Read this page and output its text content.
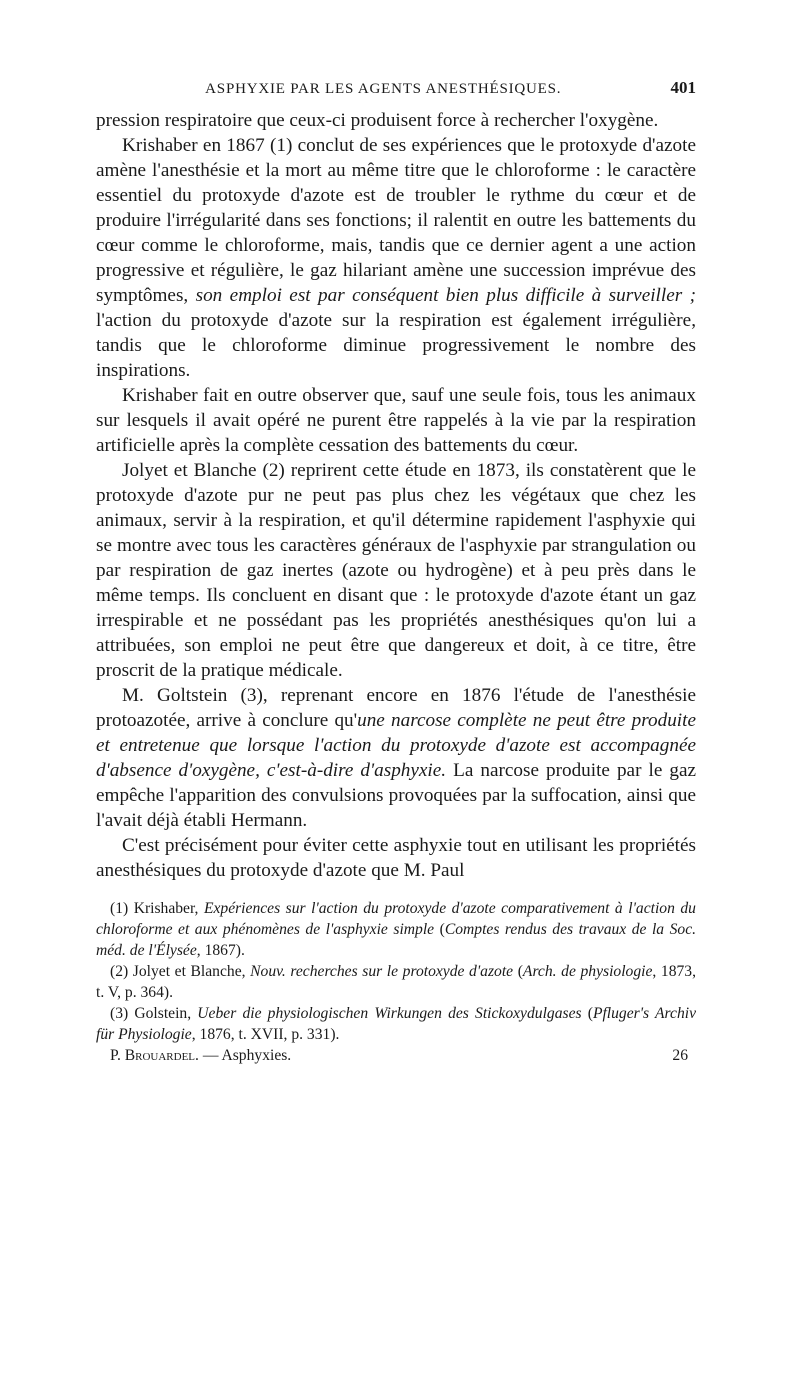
ASPHYXIE PAR LES AGENTS ANESTHÉSIQUES.	401

pression respiratoire que ceux-ci produisent force à rechercher l'oxygène.

Krishaber en 1867 (1) conclut de ses expériences que le protoxyde d'azote amène l'anesthésie et la mort au même titre que le chloroforme : le caractère essentiel du protoxyde d'azote est de troubler le rythme du cœur et de produire l'irrégularité dans ses fonctions; il ralentit en outre les battements du cœur comme le chloroforme, mais, tandis que ce dernier agent a une action progressive et régulière, le gaz hilariant amène une succession imprévue des symptômes, son emploi est par conséquent bien plus difficile à surveiller ; l'action du protoxyde d'azote sur la respiration est également irrégulière, tandis que le chloroforme diminue progressivement le nombre des inspirations.

Krishaber fait en outre observer que, sauf une seule fois, tous les animaux sur lesquels il avait opéré ne purent être rappelés à la vie par la respiration artificielle après la complète cessation des battements du cœur.

Jolyet et Blanche (2) reprirent cette étude en 1873, ils constatèrent que le protoxyde d'azote pur ne peut pas plus chez les végétaux que chez les animaux, servir à la respiration, et qu'il détermine rapidement l'asphyxie qui se montre avec tous les caractères généraux de l'asphyxie par strangulation ou par respiration de gaz inertes (azote ou hydrogène) et à peu près dans le même temps. Ils concluent en disant que : le protoxyde d'azote étant un gaz irrespirable et ne possédant pas les propriétés anesthésiques qu'on lui a attribuées, son emploi ne peut être que dangereux et doit, à ce titre, être proscrit de la pratique médicale.

M. Goltstein (3), reprenant encore en 1876 l'étude de l'anesthésie protoazotée, arrive à conclure qu'une narcose complète ne peut être produite et entretenue que lorsque l'action du protoxyde d'azote est accompagnée d'absence d'oxygène, c'est-à-dire d'asphyxie. La narcose produite par le gaz empêche l'apparition des convulsions provoquées par la suffocation, ainsi que l'avait déjà établi Hermann.

C'est précisément pour éviter cette asphyxie tout en utilisant les propriétés anesthésiques du protoxyde d'azote que M. Paul

(1) Krishaber, Expériences sur l'action du protoxyde d'azote comparativement à l'action du chloroforme et aux phénomènes de l'asphyxie simple (Comptes rendus des travaux de la Soc. méd. de l'Élysée, 1867).

(2) Jolyet et Blanche, Nouv. recherches sur le protoxyde d'azote (Arch. de physiologie, 1873, t. V, p. 364).

(3) Golstein, Ueber die physiologischen Wirkungen des Stickoxydulgases (Pfluger's Archiv für Physiologie, 1876, t. XVII, p. 331).

P. Brouardel. — Asphyxies.	26
